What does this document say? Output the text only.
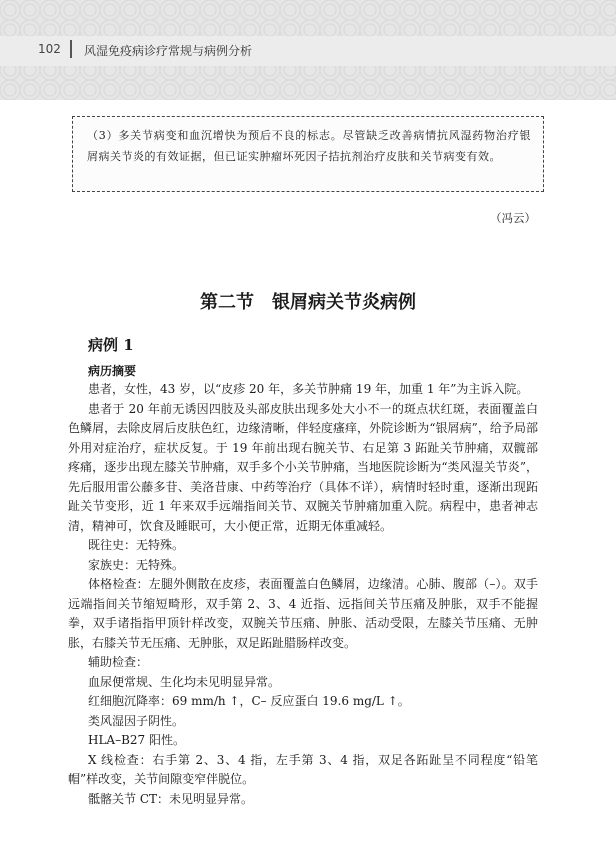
102 风湿免疫病诊疗常规与病例分析
（3）多关节病变和血沉增快为预后不良的标志。尽管缺乏改善病情抗风湿药物治疗银屑病关节炎的有效证据，但已证实肿瘤坏死因子拮抗剂治疗皮肤和关节病变有效。
（冯云）
第二节　银屑病关节炎病例
病例 1
病历摘要

患者，女性，43 岁，以“皮疹 20 年，多关节肿痛 19 年，加重 1 年”为主诉入院。

患者于 20 年前无诱因四肢及头部皮肤出现多处大小不一的斑点状红斑，表面覆盖白色鳞屑，去除皮屑后皮肤色红，边缘清晰，伴轻度瘙痒，外院诊断为“银屑病”，给予局部外用对症治疗，症状反复。于 19 年前出现右腕关节、右足第 3 跖趾关节肿痛，双髋部疼痛，逐步出现左膝关节肿痛，双手多个小关节肿痛，当地医院诊断为“类风湿关节炎”，先后服用雷公藤多苷、美洛昔康、中药等治疗（具体不详），病情时轻时重，逐渐出现跖趾关节变形，近 1 年来双手远端指间关节、双腕关节肿痛加重入院。病程中，患者神志清，精神可，饮食及睡眠可，大小便正常，近期无体重减轻。

既往史：无特殊。

家族史：无特殊。

体格检查：左腿外侧散在皮疹，表面覆盖白色鳞屑，边缘清。心肺、腹部（–）。双手远端指间关节缩短畸形，双手第 2、3、4 近指、远指间关节压痛及肿胀，双手不能握拳，双手诸指指甲顶针样改变，双腕关节压痛、肿胀、活动受限，左膝关节压痛、无肿胀，右膝关节无压痛、无肿胀，双足跖趾腊肠样改变。

辅助检查：

血尿便常规、生化均未见明显异常。

红细胞沉降率：69 mm/h ↑，C– 反应蛋白 19.6 mg/L ↑。

类风湿因子阴性。

HLA–B27 阳性。

X 线检查：右手第 2、3、4 指，左手第 3、4 指，双足各跖趾呈不同程度“铅笔帽”样改变，关节间隙变窄伴脱位。

骶髂关节 CT：未见明显异常。
